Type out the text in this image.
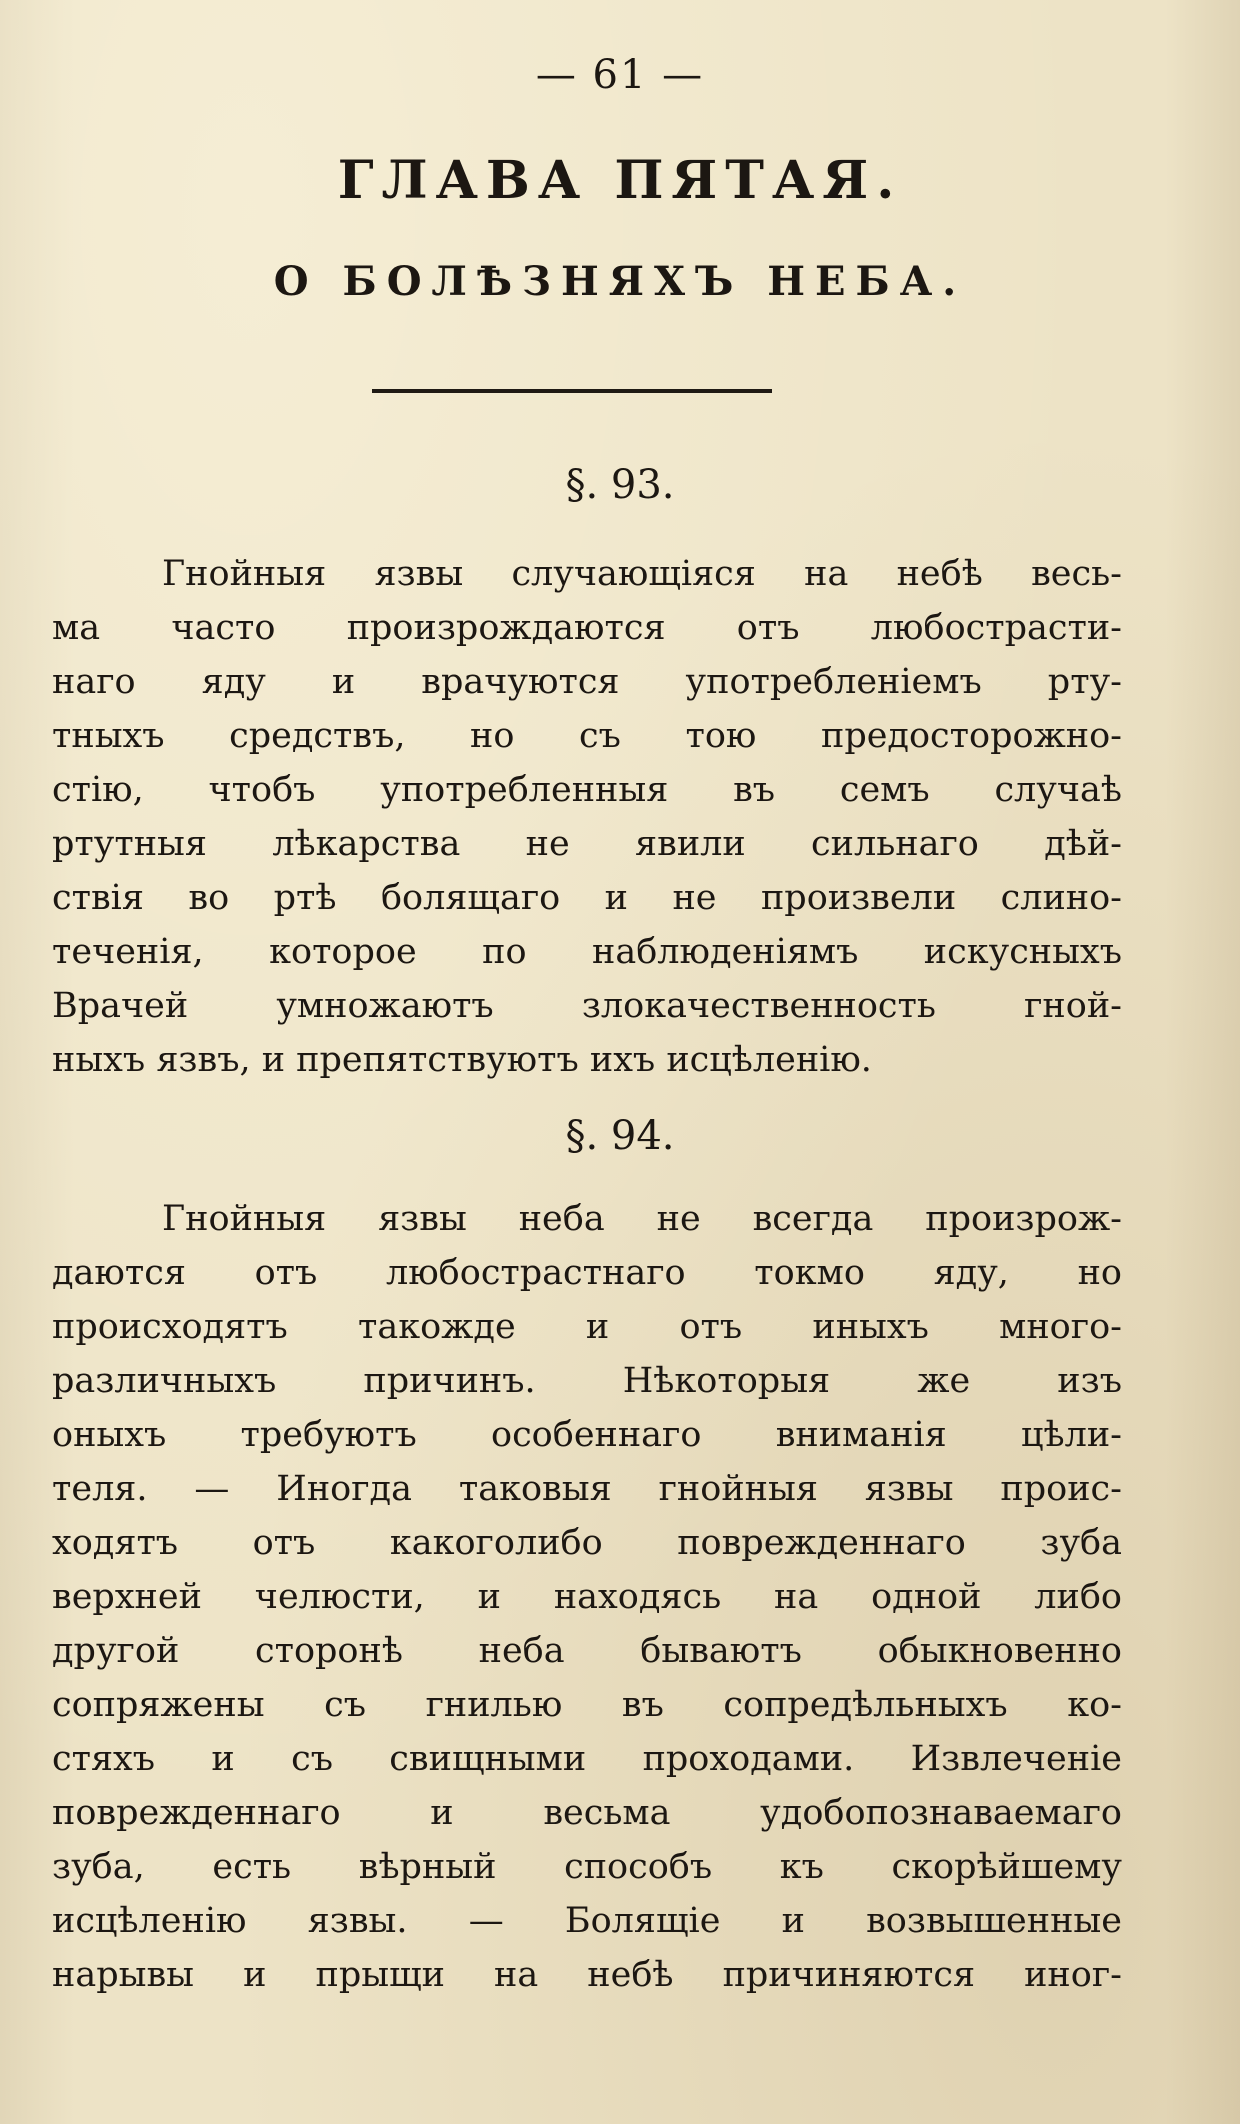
— 61 —
ГЛАВА ПЯТАЯ.
О БОЛѢЗНЯХЪ НЕБА.
§. 93.
Гнойныя язвы случающіяся на небѣ весь-
ма часто произрождаются отъ любострасти-
наго яду и врачуются употребленіемъ рту-
тныхъ средствъ, но съ тою предосторожно-
стію, чтобъ употребленныя въ семъ случаѣ
ртутныя лѣкарства не явили сильнаго дѣй-
ствія во ртѣ болящаго и не произвели слино-
теченія, которое по наблюденіямъ искусныхъ
Врачей умножаютъ злокачественность гной-
ныхъ язвъ, и препятствуютъ ихъ исцѣленію.
§. 94.
Гнойныя язвы неба не всегда произрож-
даются отъ любострастнаго токмо яду, но
происходятъ такожде и отъ иныхъ много-
различныхъ причинъ. Нѣкоторыя же изъ
оныхъ требуютъ особеннаго вниманія цѣли-
теля. — Иногда таковыя гнойныя язвы проис-
ходятъ отъ какоголибо поврежденнаго зуба
верхней челюсти, и находясь на одной либо
другой сторонѣ неба бываютъ обыкновенно
сопряжены съ гнилью въ сопредѣльныхъ ко-
стяхъ и съ свищными проходами. Извлеченіе
поврежденнаго и весьма удобопознаваемаго
зуба, есть вѣрный способъ къ скорѣйшему
исцѣленію язвы. — Болящіе и возвышенные
нарывы и прыщи на небѣ причиняются иног-
